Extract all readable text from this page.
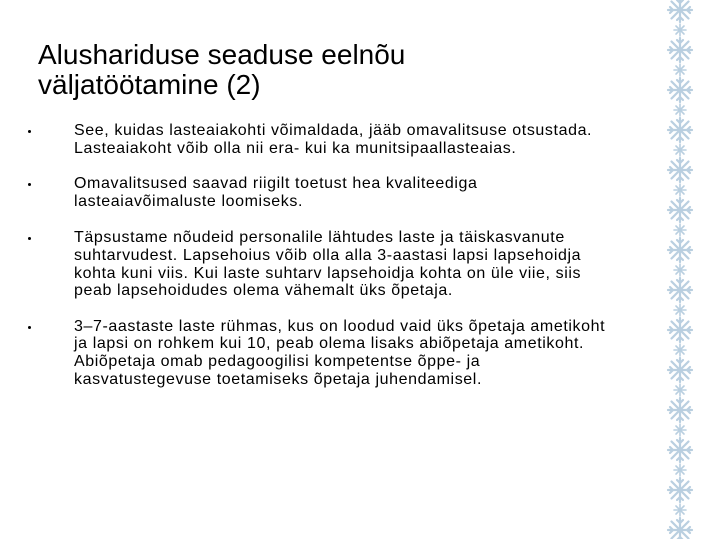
Alushariduse seaduse eelnõu
väljatöötamine (2)
See, kuidas lasteaiakohti võimaldada, jääb omavalitsuse otsustada. Lasteaiakoht võib olla nii era- kui ka munitsipaallasteaias.
Omavalitsused saavad riigilt toetust hea kvaliteediga lasteaiavõimaluste loomiseks.
Täpsustame nõudeid personalile lähtudes laste ja täiskasvanute suhtarvudest. Lapsehoius võib olla alla 3-aastasi lapsi lapsehoidja kohta kuni viis. Kui laste suhtarv lapsehoidja kohta on üle viie, siis peab lapsehoidudes olema vähemalt üks õpetaja.
3–7-aastaste laste rühmas, kus on loodud vaid üks õpetaja ametikoht ja lapsi on rohkem kui 10, peab olema lisaks abiõpetaja ametikoht. Abiõpetaja omab pedagoogilisi kompetentse õppe- ja kasvatustegevuse toetamiseks õpetaja juhendamisel.
